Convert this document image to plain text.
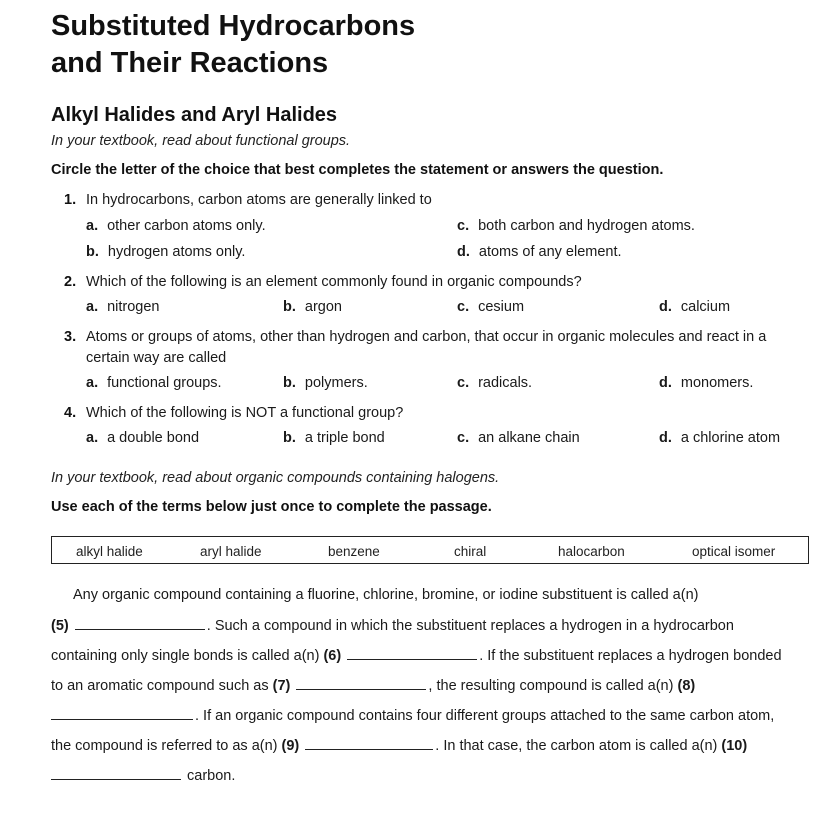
Substituted Hydrocarbons
and Their Reactions
Alkyl Halides and Aryl Halides
In your textbook, read about functional groups.
Circle the letter of the choice that best completes the statement or answers the question.
1. In hydrocarbons, carbon atoms are generally linked to
a. other carbon atoms only.
b. hydrogen atoms only.
c. both carbon and hydrogen atoms.
d. atoms of any element.
2. Which of the following is an element commonly found in organic compounds?
a. nitrogen	b. argon	c. cesium	d. calcium
3. Atoms or groups of atoms, other than hydrogen and carbon, that occur in organic molecules and react in a
certain way are called
a. functional groups.	b. polymers.	c. radicals.	d. monomers.
4. Which of the following is NOT a functional group?
a. a double bond	b. a triple bond	c. an alkane chain	d. a chlorine atom
In your textbook, read about organic compounds containing halogens.
Use each of the terms below just once to complete the passage.
alkyl halide	aryl halide	benzene	chiral	halocarbon	optical isomer
Any organic compound containing a fluorine, chlorine, bromine, or iodine substituent is called a(n)
(5)	. Such a compound in which the substituent replaces a hydrogen in a hydrocarbon
containing only single bonds is called a(n) (6)	. If the substituent replaces a hydrogen bonded
to an aromatic compound such as (7)	, the resulting compound is called a(n) (8)
. If an organic compound contains four different groups attached to the same carbon atom,
the compound is referred to as a(n) (9)	. In that case, the carbon atom is called a(n) (10)
carbon.
